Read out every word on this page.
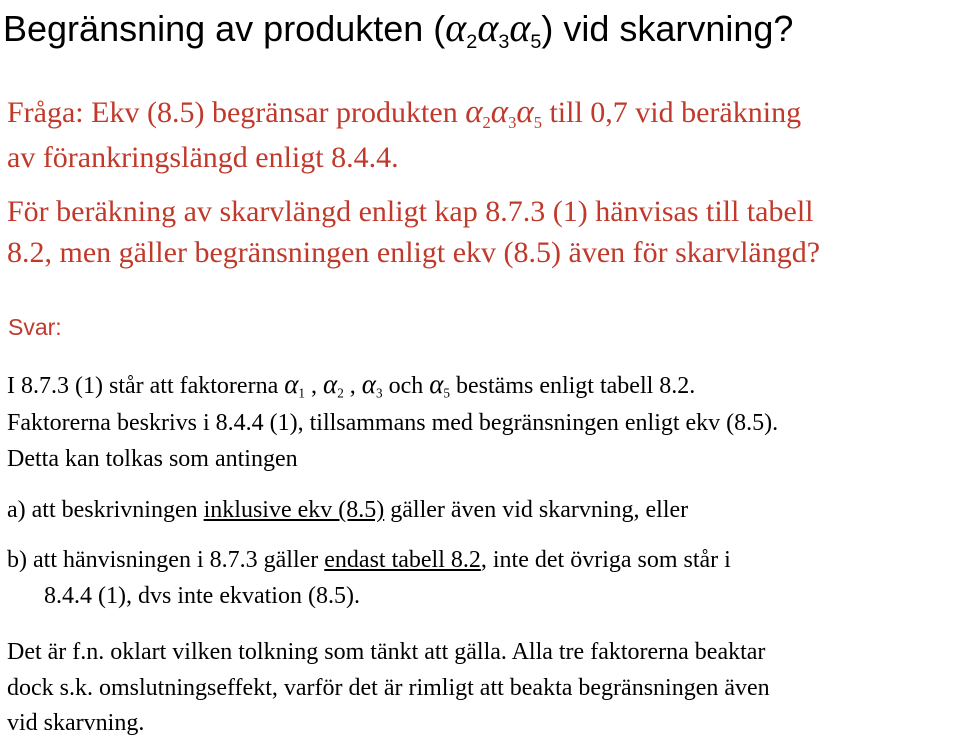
Begränsning av produkten $(\alpha_2\alpha_3\alpha_5)$ vid skarvning?
Fråga: Ekv (8.5) begränsar produkten $\alpha_2\alpha_3\alpha_5$ till 0,7 vid beräkning
av förankringslängd enligt 8.4.4.
För beräkning av skarvlängd enligt kap 8.7.3 (1) hänvisas till tabell
8.2, men gäller begränsningen enligt ekv (8.5) även för skarvlängd?
Svar:
I 8.7.3 (1) står att faktorerna $\alpha_1$ , $\alpha_2$ , $\alpha_3$ och $\alpha_5$ bestäms enligt tabell 8.2.
Faktorerna beskrivs i 8.4.4 (1), tillsammans med begränsningen enligt ekv (8.5).
Detta kan tolkas som antingen
a) att beskrivningen inklusive ekv (8.5) gäller även vid skarvning, eller
b) att hänvisningen i 8.7.3 gäller endast tabell 8.2, inte det övriga som står i
8.4.4 (1), dvs inte ekvation (8.5).
Det är f.n. oklart vilken tolkning som tänkt att gälla. Alla tre faktorerna beaktar
dock s.k. omslutningseffekt, varför det är rimligt att beakta begränsningen även
vid skarvning.
